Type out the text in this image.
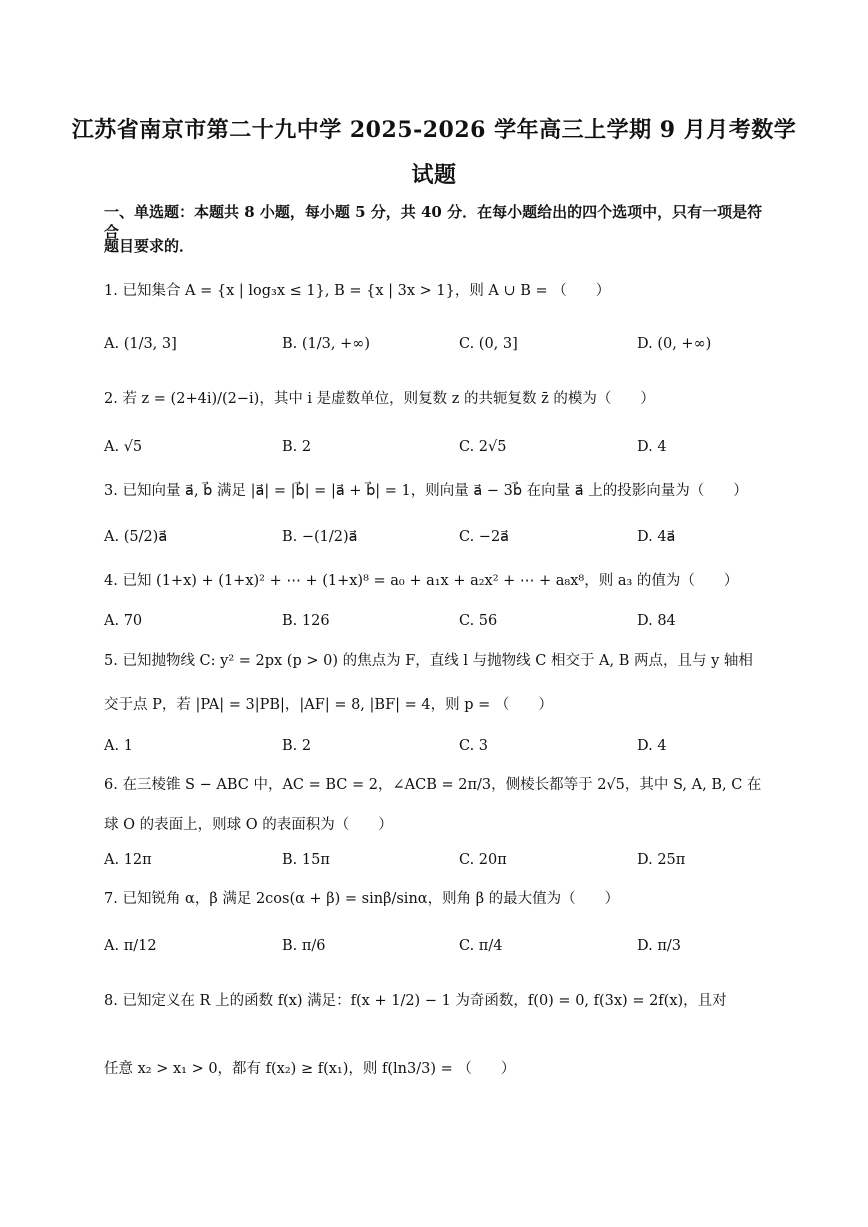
江苏省南京市第二十九中学 2025-2026 学年高三上学期 9 月月考数学
试题
一、单选题：本题共 8 小题，每小题 5 分，共 40 分．在每小题给出的四个选项中，只有一项是符合
题目要求的．
1. 已知集合 A = {x | log₃x ≤ 1}, B = {x | 3x > 1}，则 A ∪ B = （　　）
A. (1/3, 3]	B. (1/3, +∞)	C. (0, 3]	D. (0, +∞)
2. 若 z = (2+4i)/(2−i)，其中 i 是虚数单位，则复数 z 的共轭复数 z̄ 的模为（　　）
A. √5	B. 2	C. 2√5	D. 4
3. 已知向量 a⃗, b⃗ 满足 |a⃗| = |b⃗| = |a⃗ + b⃗| = 1，则向量 a⃗ − 3b⃗ 在向量 a⃗ 上的投影向量为（　　）
A. (5/2)a⃗	B. −(1/2)a⃗	C. −2a⃗	D. 4a⃗
4. 已知 (1+x) + (1+x)² + ⋯ + (1+x)⁸ = a₀ + a₁x + a₂x² + ⋯ + a₈x⁸，则 a₃ 的值为（　　）
A. 70	B. 126	C. 56	D. 84
5. 已知抛物线 C: y² = 2px (p > 0) 的焦点为 F，直线 l 与抛物线 C 相交于 A, B 两点，且与 y 轴相
交于点 P，若 |PA| = 3|PB|，|AF| = 8, |BF| = 4，则 p = （　　）
A. 1	B. 2	C. 3	D. 4
6. 在三棱锥 S − ABC 中，AC = BC = 2，∠ACB = 2π/3，侧棱长都等于 2√5，其中 S, A, B, C 在
球 O 的表面上，则球 O 的表面积为（　　）
A. 12π	B. 15π	C. 20π	D. 25π
7. 已知锐角 α，β 满足 2cos(α + β) = sinβ/sinα，则角 β 的最大值为（　　）
A. π/12	B. π/6	C. π/4	D. π/3
8. 已知定义在 R 上的函数 f(x) 满足：f(x + 1/2) − 1 为奇函数，f(0) = 0, f(3x) = 2f(x)，且对
任意 x₂ > x₁ > 0，都有 f(x₂) ≥ f(x₁)，则 f(ln3/3) = （　　）
